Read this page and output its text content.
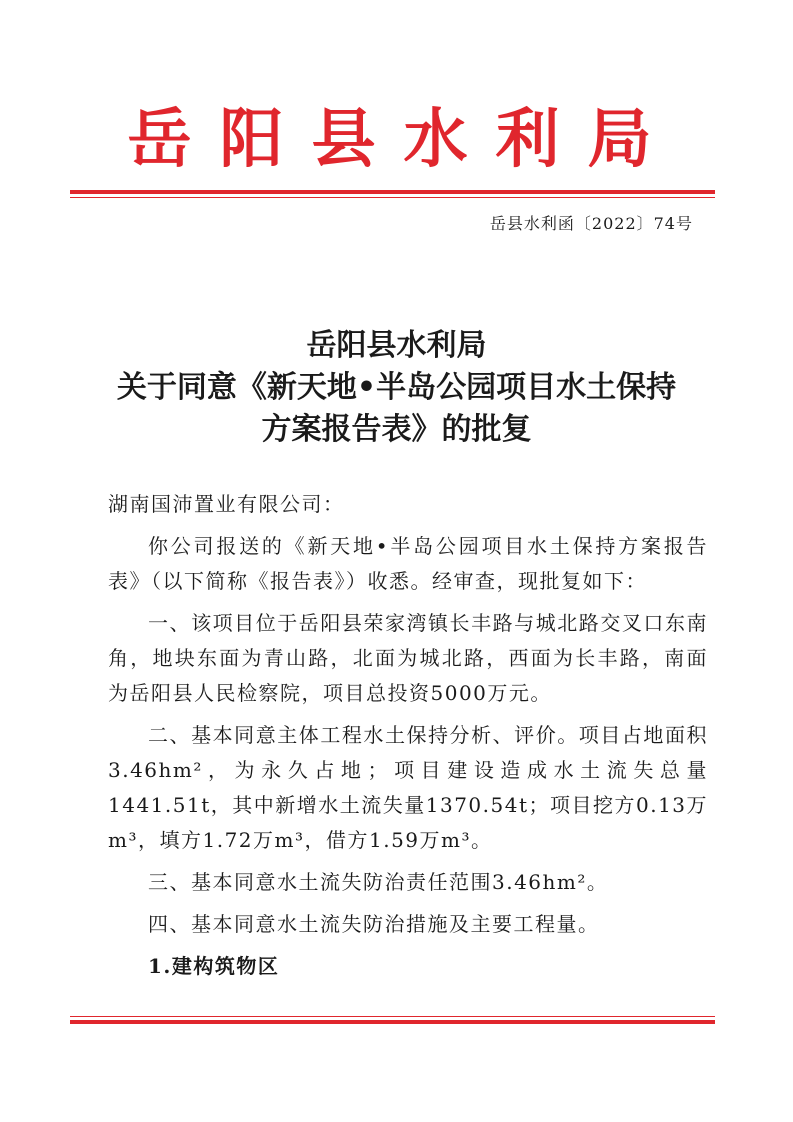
岳阳县水利局
岳县水利函〔2022〕74号
岳阳县水利局
关于同意《新天地•半岛公园项目水土保持
方案报告表》的批复

湖南国沛置业有限公司：

你公司报送的《新天地•半岛公园项目水土保持方案报告表》（以下简称《报告表》）收悉。经审查，现批复如下：

一、该项目位于岳阳县荣家湾镇长丰路与城北路交叉口东南角，地块东面为青山路，北面为城北路，西面为长丰路，南面为岳阳县人民检察院，项目总投资5000万元。

二、基本同意主体工程水土保持分析、评价。项目占地面积3.46hm²，为永久占地；项目建设造成水土流失总量1441.51t，其中新增水土流失量1370.54t；项目挖方0.13万m³，填方1.72万m³，借方1.59万m³。

三、基本同意水土流失防治责任范围3.46hm²。

四、基本同意水土流失防治措施及主要工程量。

1.建构筑物区
